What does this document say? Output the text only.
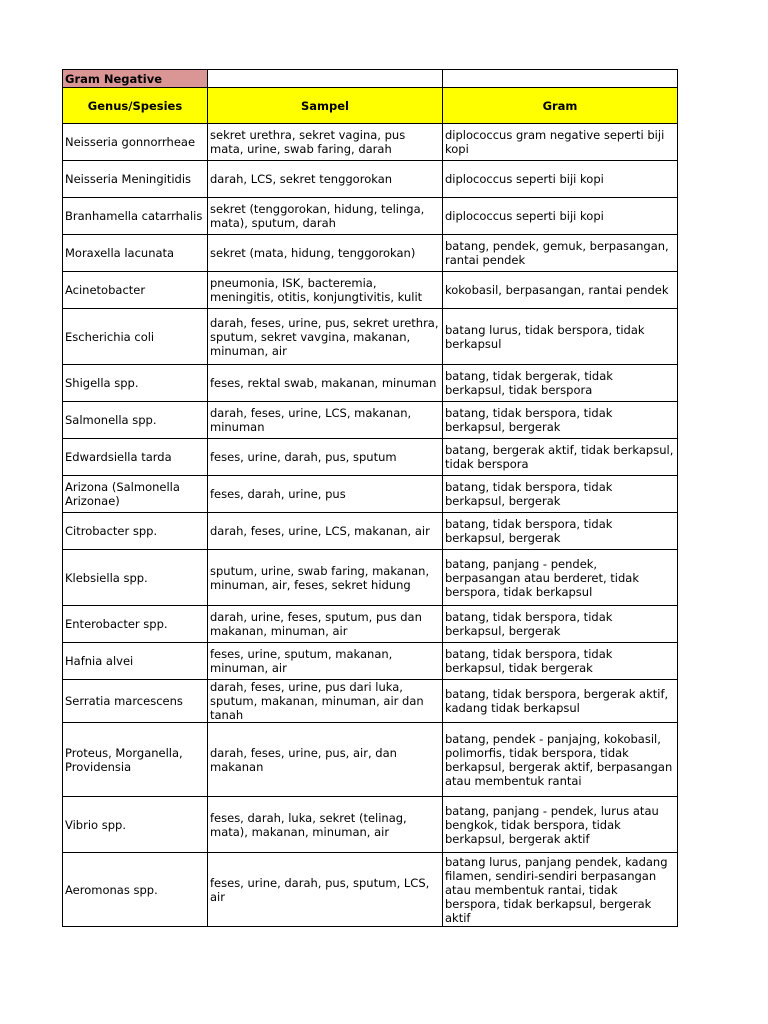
Gram Negative		
Genus/Spesies	Sampel	Gram
Neisseria gonnorrheae	sekret urethra, sekret vagina, pus mata, urine, swab faring, darah	diplococcus gram negative seperti biji kopi
Neisseria Meningitidis	darah, LCS, sekret tenggorokan	diplococcus seperti biji kopi
Branhamella catarrhalis	sekret (tenggorokan, hidung, telinga, mata), sputum, darah	diplococcus seperti biji kopi
Moraxella lacunata	sekret (mata, hidung, tenggorokan)	batang, pendek, gemuk, berpasangan, rantai pendek
Acinetobacter	pneumonia, ISK, bacteremia, meningitis, otitis, konjungtivitis, kulit	kokobasil, berpasangan, rantai pendek
Escherichia coli	darah, feses, urine, pus, sekret urethra, sputum, sekret vavgina, makanan, minuman, air	batang lurus, tidak berspora, tidak berkapsul
Shigella spp.	feses, rektal swab, makanan, minuman	batang, tidak bergerak, tidak berkapsul, tidak berspora
Salmonella spp.	darah, feses, urine, LCS, makanan, minuman	batang, tidak berspora, tidak berkapsul, bergerak
Edwardsiella tarda	feses, urine, darah, pus, sputum	batang, bergerak aktif, tidak berkapsul, tidak berspora
Arizona (Salmonella Arizonae)	feses, darah, urine, pus	batang, tidak berspora, tidak berkapsul, bergerak
Citrobacter spp.	darah, feses, urine, LCS, makanan, air	batang, tidak berspora, tidak berkapsul, bergerak
Klebsiella spp.	sputum, urine, swab faring, makanan, minuman, air, feses, sekret hidung	batang, panjang - pendek, berpasangan atau berderet, tidak berspora, tidak berkapsul
Enterobacter spp.	darah, urine, feses, sputum, pus dan makanan, minuman, air	batang, tidak berspora, tidak berkapsul, bergerak
Hafnia alvei	feses, urine, sputum, makanan, minuman, air	batang, tidak berspora, tidak berkapsul, tidak bergerak
Serratia marcescens	darah, feses, urine, pus dari luka, sputum, makanan, minuman, air dan tanah	batang, tidak berspora, bergerak aktif, kadang tidak berkapsul
Proteus, Morganella, Providensia	darah, feses, urine, pus, air, dan makanan	batang, pendek - panjajng, kokobasil, polimorfis, tidak berspora, tidak berkapsul, bergerak aktif, berpasangan atau membentuk rantai
Vibrio spp.	feses, darah, luka, sekret (telinag, mata), makanan, minuman, air	batang, panjang - pendek, lurus atau bengkok, tidak berspora, tidak berkapsul, bergerak aktif
Aeromonas spp.	feses, urine, darah, pus, sputum, LCS, air	batang lurus, panjang pendek, kadang filamen, sendiri-sendiri berpasangan atau membentuk rantai, tidak berspora, tidak berkapsul, bergerak aktif
